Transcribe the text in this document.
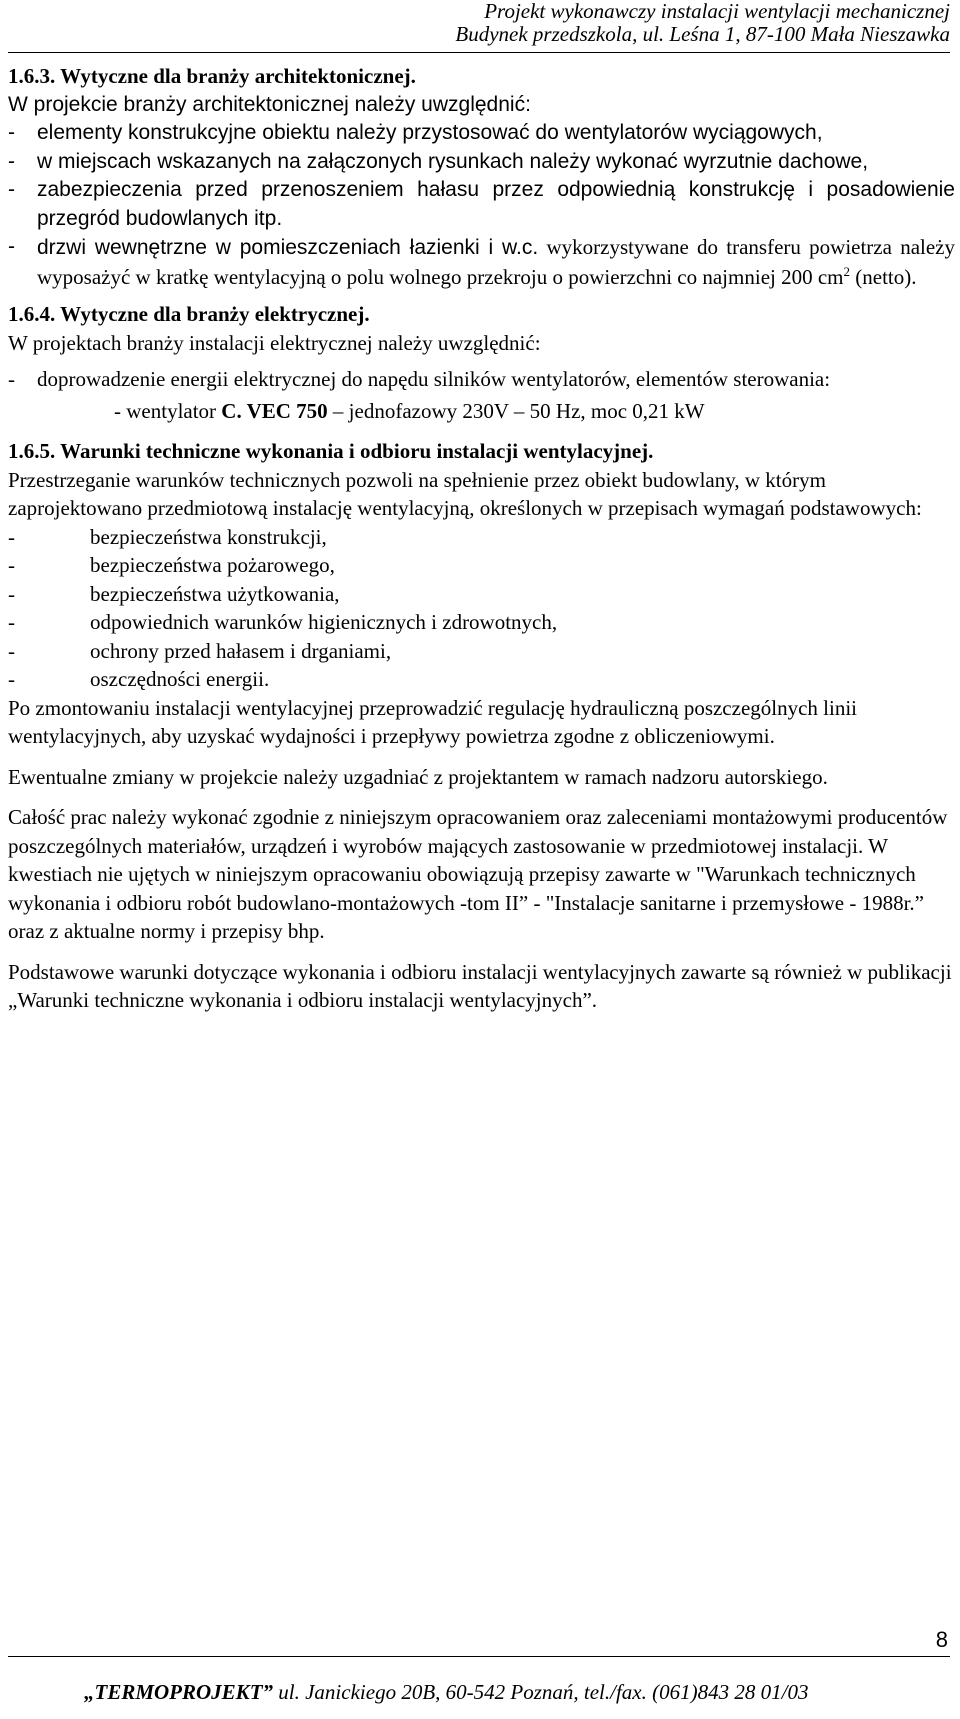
Projekt wykonawczy instalacji wentylacji mechanicznej
Budynek przedszkola, ul. Leśna 1, 87-100 Mała Nieszawka
1.6.3. Wytyczne dla branży architektonicznej.

W projekcie branży architektonicznej należy uwzględnić:

- elementy konstrukcyjne obiektu należy przystosować do wentylatorów wyciągowych,
- w miejscach wskazanych na załączonych rysunkach należy wykonać wyrzutnie dachowe,
- zabezpieczenia przed przenoszeniem hałasu przez odpowiednią konstrukcję i posadowienie przegród budowlanych itp.
- drzwi wewnętrzne w pomieszczeniach łazienki i w.c. wykorzystywane do transferu powietrza należy wyposażyć w kratkę wentylacyjną o polu wolnego przekroju o powierzchni co najmniej 200 $cm^2$ (netto).
1.6.4. Wytyczne dla branży elektrycznej.

W projektach branży instalacji elektrycznej należy uwzględnić:

- doprowadzenie energii elektrycznej do napędu silników wentylatorów, elementów sterowania:

- wentylator C. VEC 750 – jednofazowy 230V – 50 Hz, moc 0,21 kW

1.6.5. Warunki techniczne wykonania i odbioru instalacji wentylacyjnej.

Przestrzeganie warunków technicznych pozwoli na spełnienie przez obiekt budowlany, w którym zaprojektowano przedmiotową instalację wentylacyjną, określonych w przepisach wymagań podstawowych:

-	bezpieczeństwa konstrukcji,
-	bezpieczeństwa pożarowego,
-	bezpieczeństwa użytkowania,
-	odpowiednich warunków higienicznych i zdrowotnych,
-	ochrony przed hałasem i drganiami,
-	oszczędności energii.

Po zmontowaniu instalacji wentylacyjnej przeprowadzić regulację hydrauliczną poszczególnych linii wentylacyjnych, aby uzyskać wydajności i przepływy powietrza zgodne z obliczeniowymi.

Ewentualne zmiany w projekcie należy uzgadniać z projektantem w ramach nadzoru autorskiego.

Całość prac należy wykonać zgodnie z niniejszym opracowaniem oraz zaleceniami montażowymi producentów poszczególnych materiałów, urządzeń i wyrobów mających zastosowanie w przedmiotowej instalacji. W kwestiach nie ujętych w niniejszym opracowaniu obowiązują przepisy zawarte w "Warunkach technicznych wykonania i odbioru robót budowlano-montażowych -tom II” - "Instalacje sanitarne i przemysłowe - 1988r.” oraz z aktualne normy i przepisy bhp.

Podstawowe warunki dotyczące wykonania i odbioru instalacji wentylacyjnych zawarte są również w publikacji „Warunki techniczne wykonania i odbioru instalacji wentylacyjnych”.

8
„TERMOPROJEKT” ul. Janickiego 20B, 60-542 Poznań, tel./fax. (061)843 28 01/03
